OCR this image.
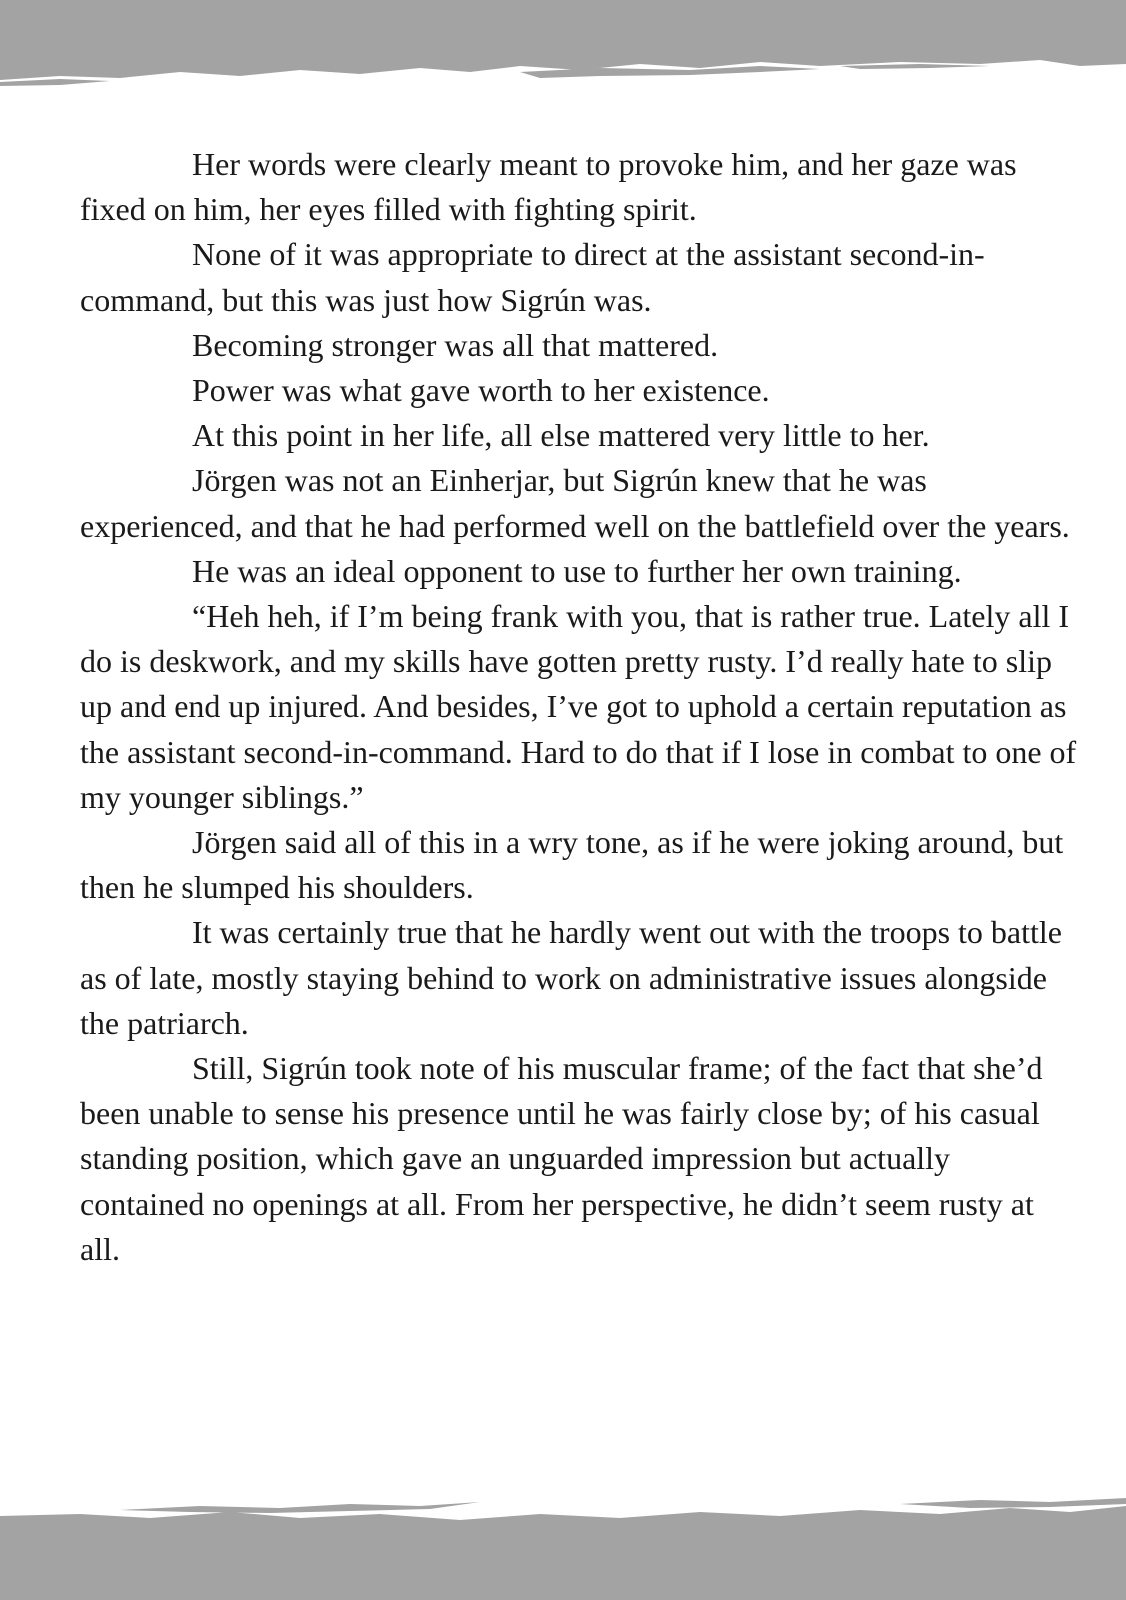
Her words were clearly meant to provoke him, and her gaze was fixed on him, her eyes filled with fighting spirit.

None of it was appropriate to direct at the assistant second-in-command, but this was just how Sigrún was.

Becoming stronger was all that mattered.

Power was what gave worth to her existence.

At this point in her life, all else mattered very little to her.

Jörgen was not an Einherjar, but Sigrún knew that he was experienced, and that he had performed well on the battlefield over the years.

He was an ideal opponent to use to further her own training.

“Heh heh, if I’m being frank with you, that is rather true. Lately all I do is deskwork, and my skills have gotten pretty rusty. I’d really hate to slip up and end up injured. And besides, I’ve got to uphold a certain reputation as the assistant second-in-command. Hard to do that if I lose in combat to one of my younger siblings.”

Jörgen said all of this in a wry tone, as if he were joking around, but then he slumped his shoulders.

It was certainly true that he hardly went out with the troops to battle as of late, mostly staying behind to work on administrative issues alongside the patriarch.

Still, Sigrún took note of his muscular frame; of the fact that she’d been unable to sense his presence until he was fairly close by; of his casual standing position, which gave an unguarded impression but actually contained no openings at all. From her perspective, he didn’t seem rusty at all.
